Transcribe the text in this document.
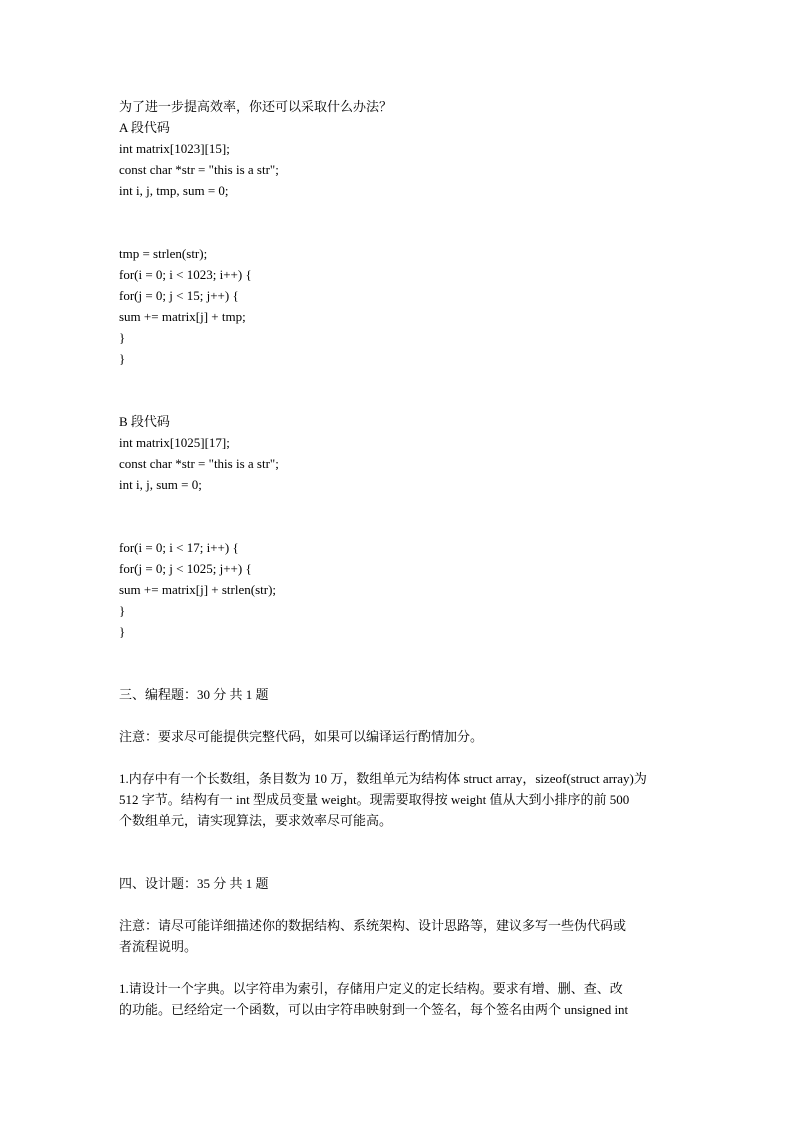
为了进一步提高效率，你还可以采取什么办法？
A 段代码
int matrix[1023][15];
const char *str = "this is a str";
int i, j, tmp, sum = 0;
tmp = strlen(str);
for(i = 0; i < 1023; i++) {
for(j = 0; j < 15; j++) {
sum += matrix[j] + tmp;
}
}
B 段代码
int matrix[1025][17];
const char *str = "this is a str";
int i, j, sum = 0;
for(i = 0; i < 17; i++) {
for(j = 0; j < 1025; j++) {
sum += matrix[j] + strlen(str);
}
}
三、编程题：30 分 共 1 题
注意：要求尽可能提供完整代码，如果可以编译运行酌情加分。
1.内存中有一个长数组，条目数为 10 万，数组单元为结构体 struct array，sizeof(struct array)为
512 字节。结构有一 int 型成员变量 weight。现需要取得按 weight 值从大到小排序的前 500
个数组单元，请实现算法，要求效率尽可能高。
四、设计题：35 分 共 1 题
注意：请尽可能详细描述你的数据结构、系统架构、设计思路等，建议多写一些伪代码或
者流程说明。
1.请设计一个字典。以字符串为索引，存储用户定义的定长结构。要求有增、删、查、改
的功能。已经给定一个函数，可以由字符串映射到一个签名，每个签名由两个 unsigned int
